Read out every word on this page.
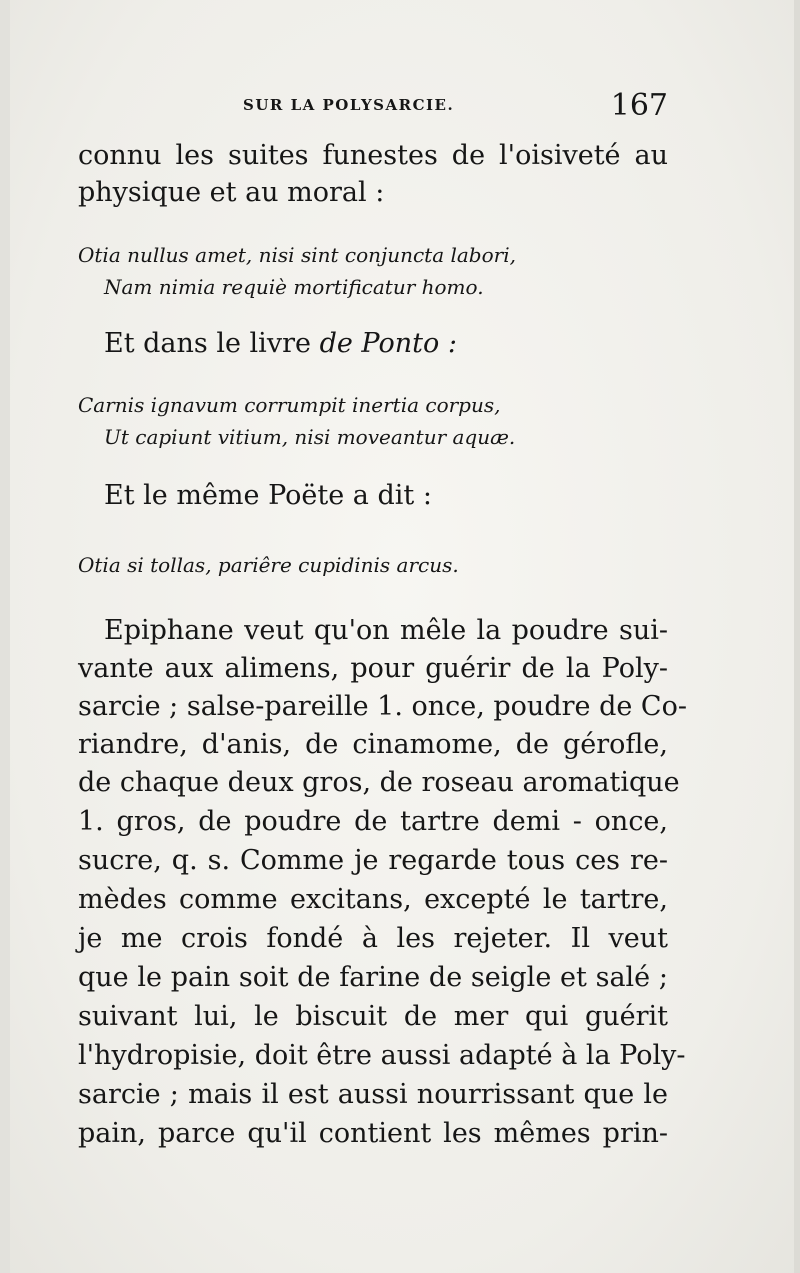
SUR LA POLYSARCIE.	167
connu les suites funestes de l'oisiveté au
physique et au moral :
Otia nullus amet, nisi sint conjuncta labori,
Nam nimia requiè mortificatur homo.
Et dans le livre de Ponto :
Carnis ignavum corrumpit inertia corpus,
Ut capiunt vitium, nisi moveantur aquæ.
Et le même Poëte a dit :
Otia si tollas, pariêre cupidinis arcus.
Epiphane veut qu'on mêle la poudre sui-
vante aux alimens, pour guérir de la Poly-
sarcie ; salse-pareille 1. once, poudre de Co-
riandre, d'anis, de cinamome, de gérofle,
de chaque deux gros, de roseau aromatique
1. gros, de poudre de tartre demi - once,
sucre, q. s. Comme je regarde tous ces re-
mèdes comme excitans, excepté le tartre,
je me crois fondé à les rejeter. Il veut
que le pain soit de farine de seigle et salé ;
suivant lui, le biscuit de mer qui guérit
l'hydropisie, doit être aussi adapté à la Poly-
sarcie ; mais il est aussi nourrissant que le
pain, parce qu'il contient les mêmes prin-
